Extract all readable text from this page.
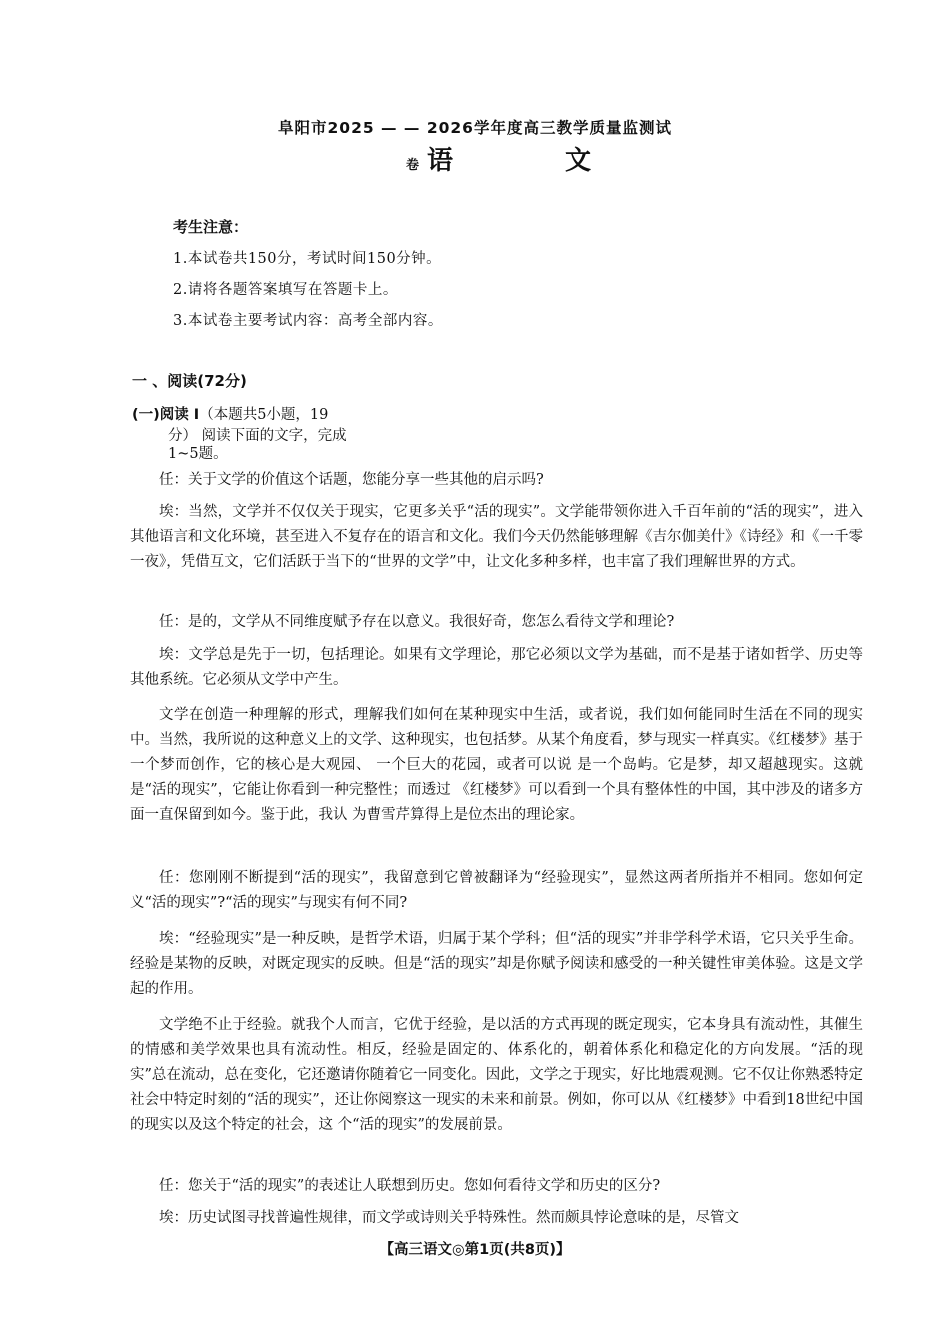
阜阳市2025 — — 2026学年度高三教学质量监测试
卷 语	文
考生注意：
1.本试卷共150分，考试时间150分钟。
2.请将各题答案填写在答题卡上。
3.本试卷主要考试内容：高考全部内容。
一 、阅读(72分)
(一)阅读 I（本题共5小题，19
分） 阅读下面的文字，完成
1~5题。
任：关于文学的价值这个话题，您能分享一些其他的启示吗?
埃：当然，文学并不仅仅关于现实，它更多关乎“活的现实”。文学能带领你进入千百年前的“活的现实”，进入其他语言和文化环境，甚至进入不复存在的语言和文化。我们今天仍然能够理解《吉尔伽美什》《诗经》和《一千零一夜》，凭借互文，它们活跃于当下的“世界的文学”中，让文化多种多样，也丰富了我们理解世界的方式。
任：是的，文学从不同维度赋予存在以意义。我很好奇，您怎么看待文学和理论?
埃：文学总是先于一切，包括理论。如果有文学理论，那它必须以文学为基础，而不是基于诸如哲学、历史等其他系统。它必须从文学中产生。
文学在创造一种理解的形式，理解我们如何在某种现实中生活，或者说，我们如何能同时生活在不同的现实中。当然，我所说的这种意义上的文学、这种现实，也包括梦。从某个角度看，梦与现实一样真实。《红楼梦》基于一个梦而创作，它的核心是大观园、 一个巨大的花园，或者可以说 是一个岛屿。它是梦，却又超越现实。这就是“活的现实”，它能让你看到一种完整性；而透过 《红楼梦》可以看到一个具有整体性的中国，其中涉及的诸多方面一直保留到如今。鉴于此，我认 为曹雪芹算得上是位杰出的理论家。
任：您刚刚不断提到“活的现实”，我留意到它曾被翻译为“经验现实”，显然这两者所指并不相同。您如何定义“活的现实”?“活的现实”与现实有何不同?
埃：“经验现实”是一种反映，是哲学术语，归属于某个学科；但“活的现实”并非学科学术语，它只关乎生命。经验是某物的反映，对既定现实的反映。但是“活的现实”却是你赋予阅读和感受的一种关键性审美体验。这是文学起的作用。
文学绝不止于经验。就我个人而言，它优于经验，是以活的方式再现的既定现实，它本身具有流动性，其催生的情感和美学效果也具有流动性。相反，经验是固定的、体系化的，朝着体系化和稳定化的方向发展。“活的现实”总在流动，总在变化，它还邀请你随着它一同变化。因此，文学之于现实，好比地震观测。它不仅让你熟悉特定社会中特定时刻的“活的现实”，还让你阅察这一现实的未来和前景。例如，你可以从《红楼梦》中看到18世纪中国的现实以及这个特定的社会，这 个“活的现实”的发展前景。
任：您关于“活的现实”的表述让人联想到历史。您如何看待文学和历史的区分?
埃：历史试图寻找普遍性规律，而文学或诗则关乎特殊性。然而颇具悖论意味的是，尽管文
【高三语文◎第1页(共8页)】
